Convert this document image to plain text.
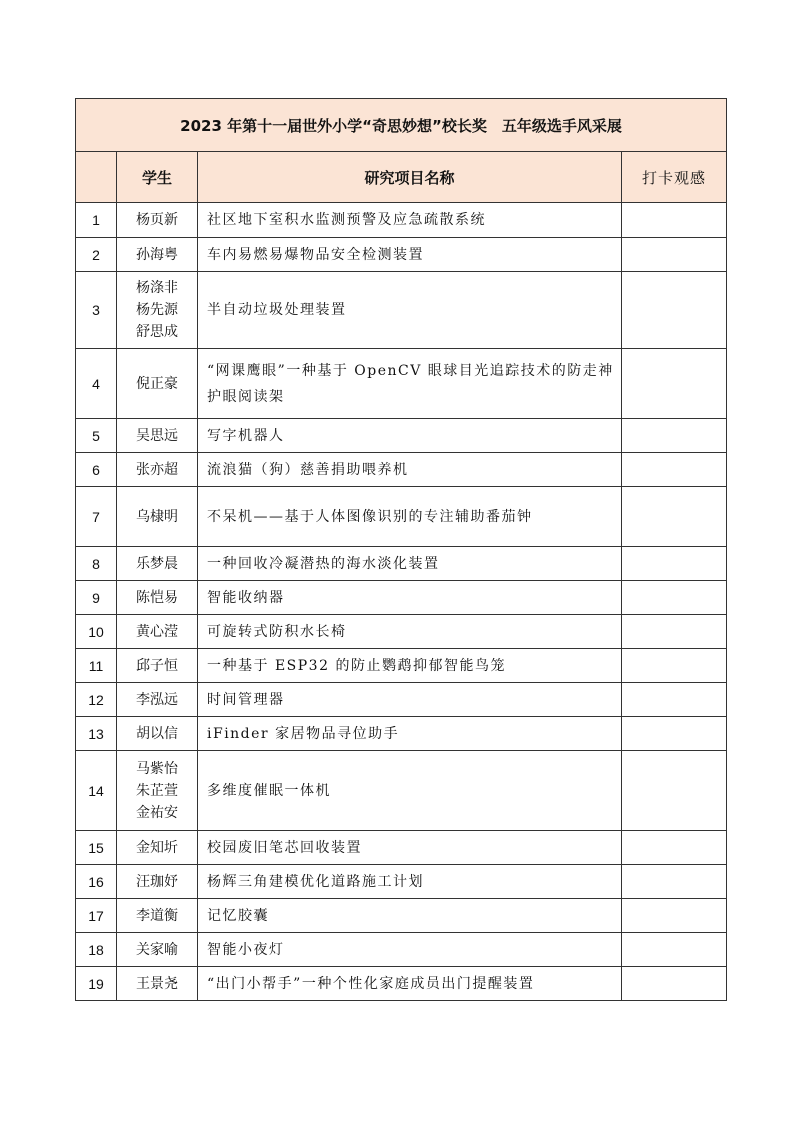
2023 年第十一届世外小学“奇思妙想”校长奖　五年级选手风采展			
	学生	研究项目名称	打卡观感
1	杨页新	社区地下室积水监测预警及应急疏散系统	
2	孙海粤	车内易燃易爆物品安全检测装置	
3	杨涤非
杨先源
舒思成	半自动垃圾处理装置	
4	倪正豪	“网课鹰眼”一种基于 OpenCV 眼球目光追踪技术的防走神护眼阅读架	
5	吴思远	写字机器人	
6	张亦超	流浪猫（狗）慈善捐助喂养机	
7	乌棣明	不呆机——基于人体图像识别的专注辅助番茄钟	
8	乐梦晨	一种回收冷凝潜热的海水淡化装置	
9	陈恺易	智能收纳器	
10	黄心滢	可旋转式防积水长椅	
11	邱子恒	一种基于 ESP32 的防止鹦鹉抑郁智能鸟笼	
12	李泓远	时间管理器	
13	胡以信	iFinder 家居物品寻位助手	
14	马紫怡
朱芷萱
金祐安	多维度催眠一体机	
15	金知圻	校园废旧笔芯回收装置	
16	汪珈妤	杨辉三角建模优化道路施工计划	
17	李道衡	记忆胶囊	
18	关家喻	智能小夜灯	
19	王景尧	“出门小帮手”一种个性化家庭成员出门提醒装置	
